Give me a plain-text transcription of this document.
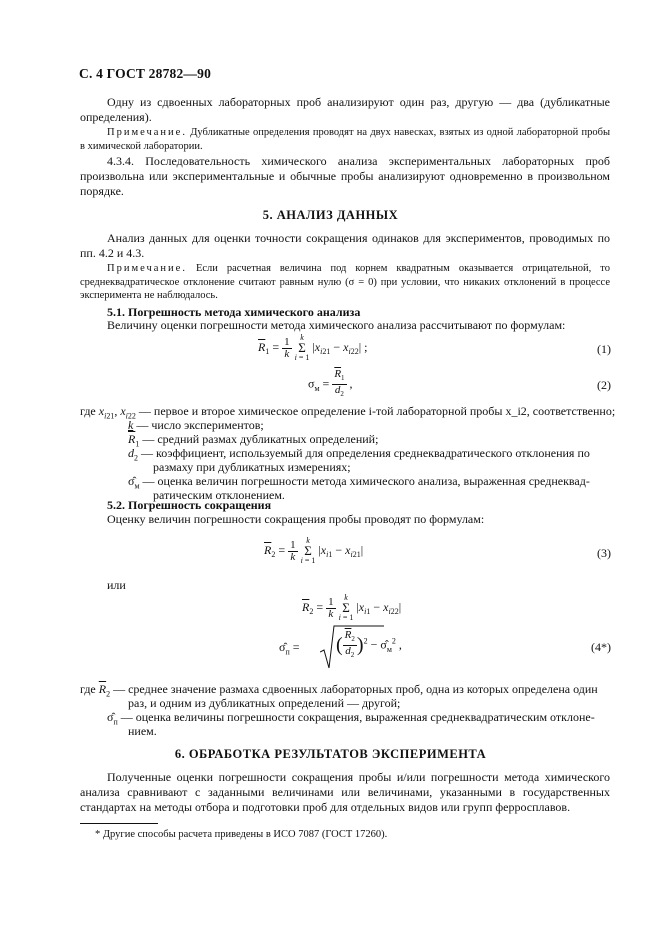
С. 4 ГОСТ 28782—90
Одну из сдвоенных лабораторных проб анализируют один раз, другую — два (дубликатные определения).
Примечание. Дубликатные определения проводят на двух навесках, взятых из одной лабораторной пробы в химической лаборатории.
4.3.4. Последовательность химического анализа экспериментальных лабораторных проб произвольна или экспериментальные и обычные пробы анализируют одновременно в произвольном порядке.
5. АНАЛИЗ ДАННЫХ
Анализ данных для оценки точности сокращения одинаков для экспериментов, проводимых по пп. 4.2 и 4.3.
Примечание. Если расчетная величина под корнем квадратным оказывается отрицательной, то среднеквадратическое отклонение считают равным нулю (σ = 0) при условии, что никаких отклонений в процессе эксперимента не наблюдалось.
5.1. Погрешность метода химического анализа
Величину оценки погрешности метода химического анализа рассчитывают по формулам:
$\overline{R}_1 = \frac{1}{k}$ k
Σ
i = 1 $|x_{i21} - x_{i22}|$ ;	(1)
$\sigma_м = \frac{\overline{R}_1}{d_2}$ ,	(2)
где $x_{i21}$, $x_{i22}$ — первое и второе химическое определение i-той лабораторной пробы x_i2, соответственно;
k — число экспериментов;
$\overline{R}_1$ — средний размах дубликатных определений;
$d_2$ — коэффициент, используемый для определения среднеквадратического отклонения по
размаху при дубликатных измерениях;
$\sigmâ_м$ — оценка величин погрешности метода химического анализа, выраженная среднеквад-
ратическим отклонением.
5.2. Погрешность сокращения
Оценку величин погрешности сокращения пробы проводят по формулам:
$\overline{R}_2 = \frac{1}{k}$ k
Σ
i = 1 $|x_{i1} - x_{i21}|$	(3)
или
$\overline{R}_2 = \frac{1}{k}$ k
Σ
i = 1 $|x_{i1} - x_{i22}|$
$\sigmâ_п$ = ( $\frac{\overline{R}_2}{d_2} )^2$ − $\sigmâ_м^2$ ,	(4*)
где $\overline{R}_2$ — среднее значение размаха сдвоенных лабораторных проб, одна из которых определена один
раз, и одним из дубликатных определений — другой;
$\sigmâ_п$ — оценка величины погрешности сокращения, выраженная среднеквадратическим отклоне-
нием.
6. ОБРАБОТКА РЕЗУЛЬТАТОВ ЭКСПЕРИМЕНТА
Полученные оценки погрешности сокращения пробы и/или погрешности метода химического анализа сравнивают с заданными величинами или величинами, указанными в государственных стандартах на методы отбора и подготовки проб для отдельных видов или групп ферросплавов.
* Другие способы расчета приведены в ИСО 7087 (ГОСТ 17260).
